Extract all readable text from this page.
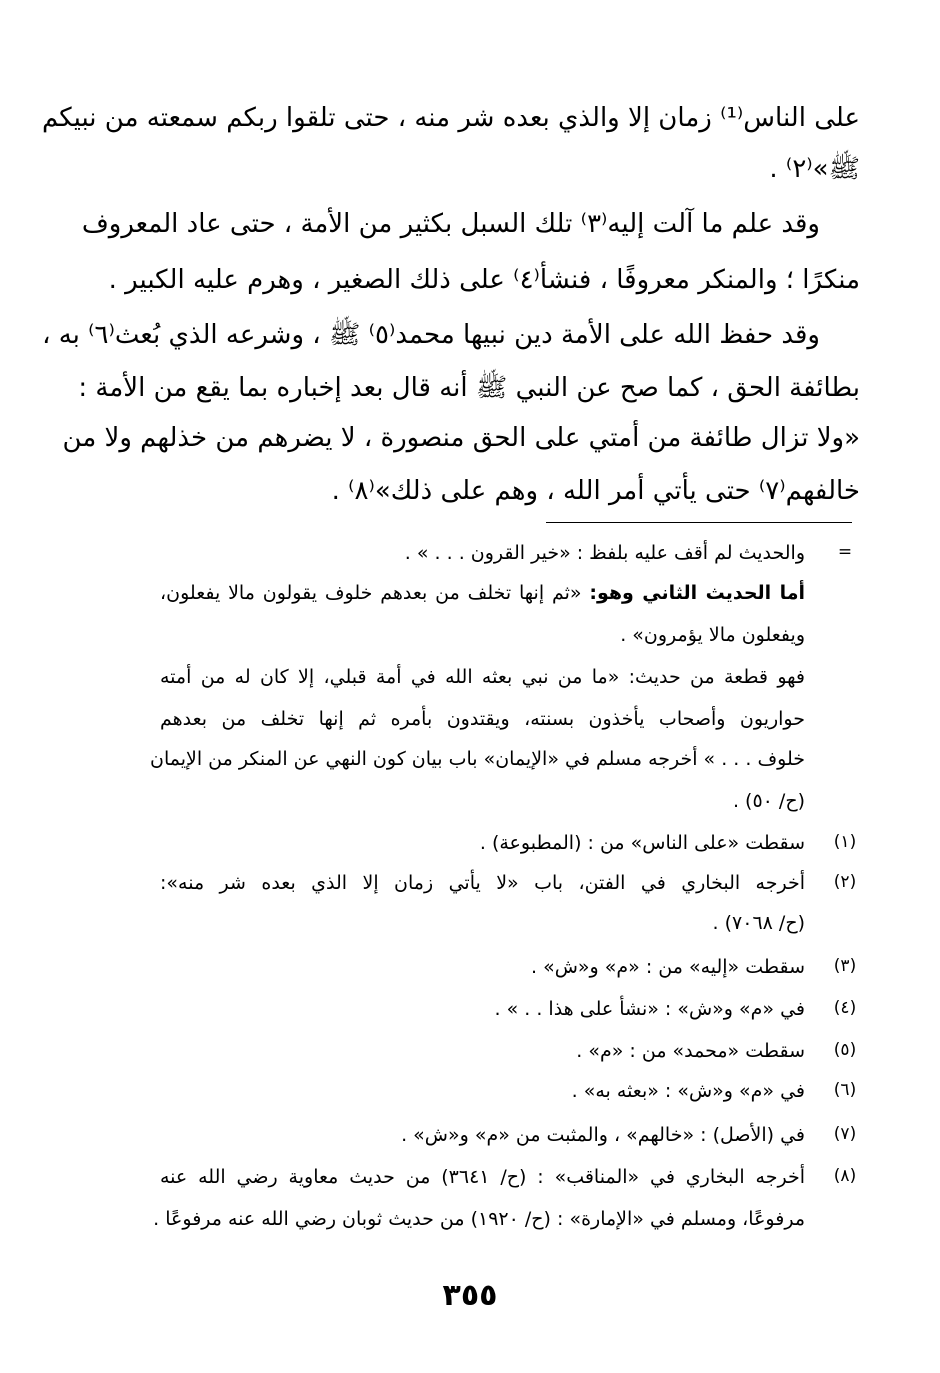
على الناس⁽¹⁾ زمان إلا والذي بعده شر منه ، حتى تلقوا ربكم سمعته من نبيكم
ﷺ»⁽٢⁾ .
وقد علم ما آلت إليه⁽٣⁾ تلك السبل بكثير من الأمة ، حتى عاد المعروف
منكرًا ؛ والمنكر معروفًا ، فنشأ⁽٤⁾ على ذلك الصغير ، وهرم عليه الكبير .
وقد حفظ الله على الأمة دين نبيها محمد⁽٥⁾ ﷺ ، وشرعه الذي بُعث⁽٦⁾ به ،
بطائفة الحق ، كما صح عن النبي ﷺ أنه قال بعد إخباره بما يقع من الأمة :
«ولا تزال طائفة من أمتي على الحق منصورة ، لا يضرهم من خذلهم ولا من
خالفهم⁽٧⁾ حتى يأتي أمر الله ، وهم على ذلك»⁽٨⁾ .
=
والحديث لم أقف عليه بلفظ : «خير القرون . . . » .
أما الحديث الثاني وهو: «ثم إنها تخلف من بعدهم خلوف يقولون مالا يفعلون،
ويفعلون مالا يؤمرون» .
فهو قطعة من حديث: «ما من نبي بعثه الله في أمة قبلي، إلا كان له من أمته
حواريون وأصحاب يأخذون بسنته، ويقتدون بأمره ثم إنها تخلف من بعدهم
خلوف . . . » أخرجه مسلم في «الإيمان» باب بيان كون النهي عن المنكر من الإيمان
(ح/ ٥٠) .
(١)
سقطت «على الناس» من : (المطبوعة) .
(٢)
أخرجه البخاري في الفتن، باب «لا يأتي زمان إلا الذي بعده شر منه»:
(ح/ ٧٠٦٨) .
(٣)
سقطت «إليه» من : «م» و«ش» .
(٤)
في «م» و«ش» : «نشأ على هذا . . » .
(٥)
سقطت «محمد» من : «م» .
(٦)
في «م» و«ش» : «بعثه به» .
(٧)
في (الأصل) : «خالهم» ، والمثبت من «م» و«ش» .
(٨)
أخرجه البخاري في «المناقب» : (ح/ ٣٦٤١) من حديث معاوية رضي الله عنه
مرفوعًا، ومسلم في «الإمارة» : (ح/ ١٩٢٠) من حديث ثوبان رضي الله عنه مرفوعًا .
٣٥٥
